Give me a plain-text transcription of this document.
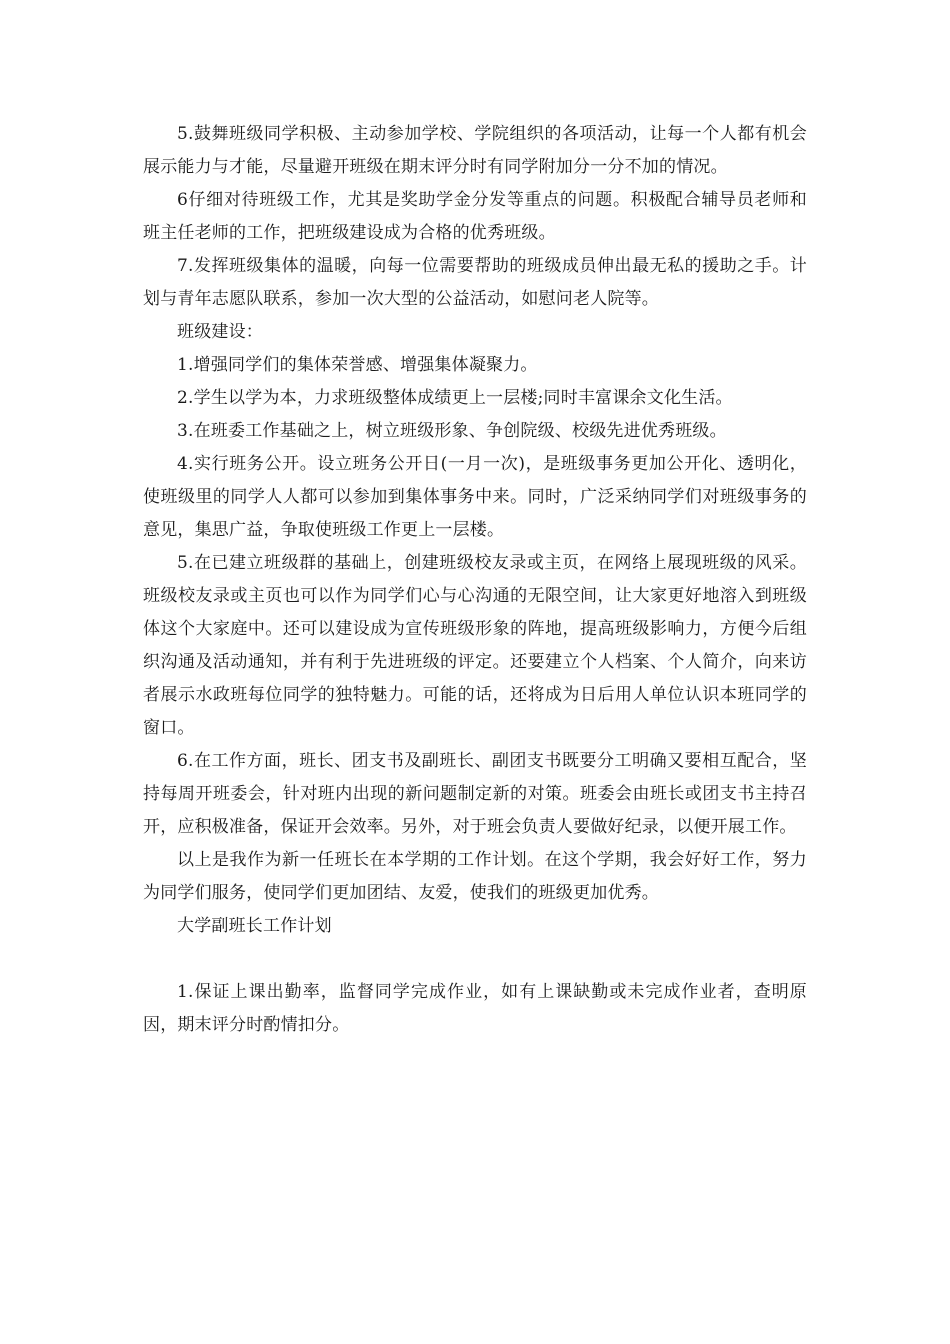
5.鼓舞班级同学积极、主动参加学校、学院组织的各项活动，让每一个人都有机会展示能力与才能，尽量避开班级在期末评分时有同学附加分一分不加的情况。

6仔细对待班级工作，尤其是奖助学金分发等重点的问题。积极配合辅导员老师和班主任老师的工作，把班级建设成为合格的优秀班级。

7.发挥班级集体的温暖，向每一位需要帮助的班级成员伸出最无私的援助之手。计划与青年志愿队联系，参加一次大型的公益活动，如慰问老人院等。

班级建设：

1.增强同学们的集体荣誉感、增强集体凝聚力。

2.学生以学为本，力求班级整体成绩更上一层楼;同时丰富课余文化生活。

3.在班委工作基础之上，树立班级形象、争创院级、校级先进优秀班级。

4.实行班务公开。设立班务公开日(一月一次)，是班级事务更加公开化、透明化，使班级里的同学人人都可以参加到集体事务中来。同时，广泛采纳同学们对班级事务的意见，集思广益，争取使班级工作更上一层楼。

5.在已建立班级群的基础上，创建班级校友录或主页，在网络上展现班级的风采。班级校友录或主页也可以作为同学们心与心沟通的无限空间，让大家更好地溶入到班级体这个大家庭中。还可以建设成为宣传班级形象的阵地，提高班级影响力，方便今后组织沟通及活动通知，并有利于先进班级的评定。还要建立个人档案、个人简介，向来访者展示水政班每位同学的独特魅力。可能的话，还将成为日后用人单位认识本班同学的窗口。

6.在工作方面，班长、团支书及副班长、副团支书既要分工明确又要相互配合，坚持每周开班委会，针对班内出现的新问题制定新的对策。班委会由班长或团支书主持召开，应积极准备，保证开会效率。另外，对于班会负责人要做好纪录，以便开展工作。

以上是我作为新一任班长在本学期的工作计划。在这个学期，我会好好工作，努力为同学们服务，使同学们更加团结、友爱，使我们的班级更加优秀。

大学副班长工作计划

1.保证上课出勤率，监督同学完成作业，如有上课缺勤或未完成作业者，查明原因，期末评分时酌情扣分。
